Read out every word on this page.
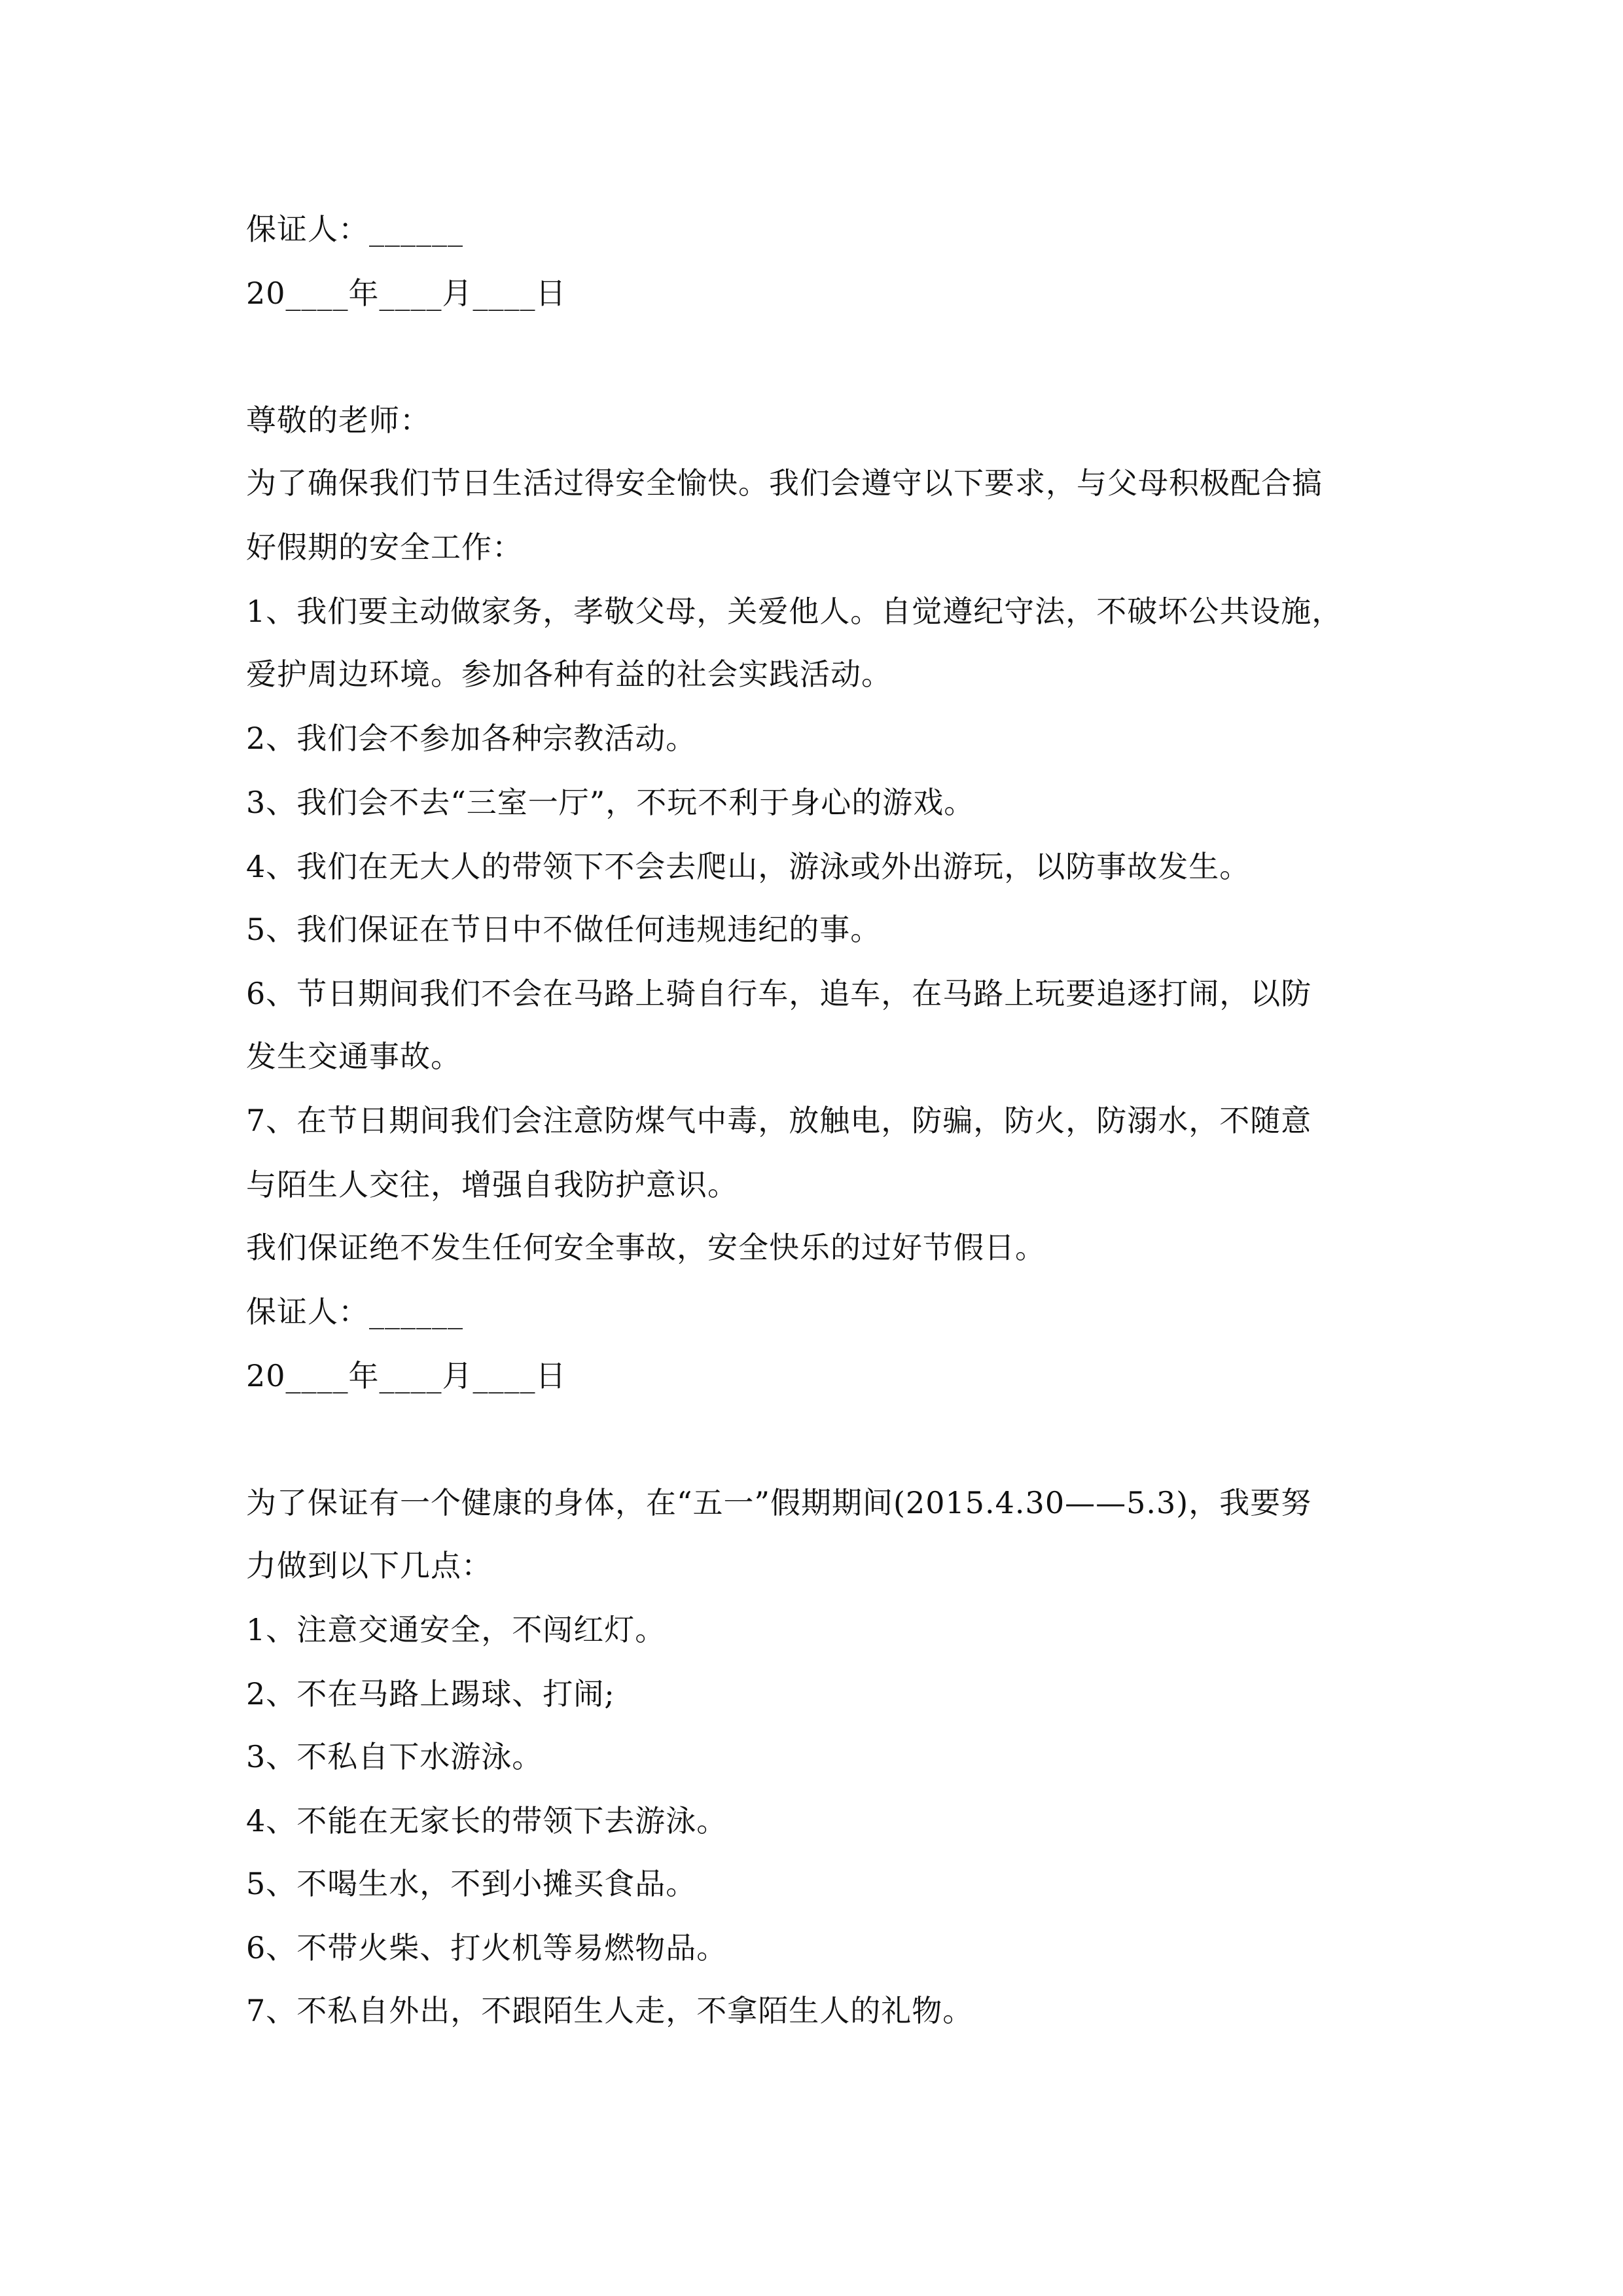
保证人：______
20____年____月____日
尊敬的老师：
为了确保我们节日生活过得安全愉快。我们会遵守以下要求，与父母积极配合搞
好假期的安全工作：
1、我们要主动做家务，孝敬父母，关爱他人。自觉遵纪守法，不破坏公共设施，
爱护周边环境。参加各种有益的社会实践活动。
2、我们会不参加各种宗教活动。
3、我们会不去“三室一厅”，不玩不利于身心的游戏。
4、我们在无大人的带领下不会去爬山，游泳或外出游玩，以防事故发生。
5、我们保证在节日中不做任何违规违纪的事。
6、节日期间我们不会在马路上骑自行车，追车，在马路上玩要追逐打闹，以防
发生交通事故。
7、在节日期间我们会注意防煤气中毒，放触电，防骗，防火，防溺水，不随意
与陌生人交往，增强自我防护意识。
我们保证绝不发生任何安全事故，安全快乐的过好节假日。
保证人：______
20____年____月____日
为了保证有一个健康的身体，在“五一”假期期间(2015.4.30——5.3)，我要努
力做到以下几点：
1、注意交通安全，不闯红灯。
2、不在马路上踢球、打闹;
3、不私自下水游泳。
4、不能在无家长的带领下去游泳。
5、不喝生水，不到小摊买食品。
6、不带火柴、打火机等易燃物品。
7、不私自外出，不跟陌生人走，不拿陌生人的礼物。
